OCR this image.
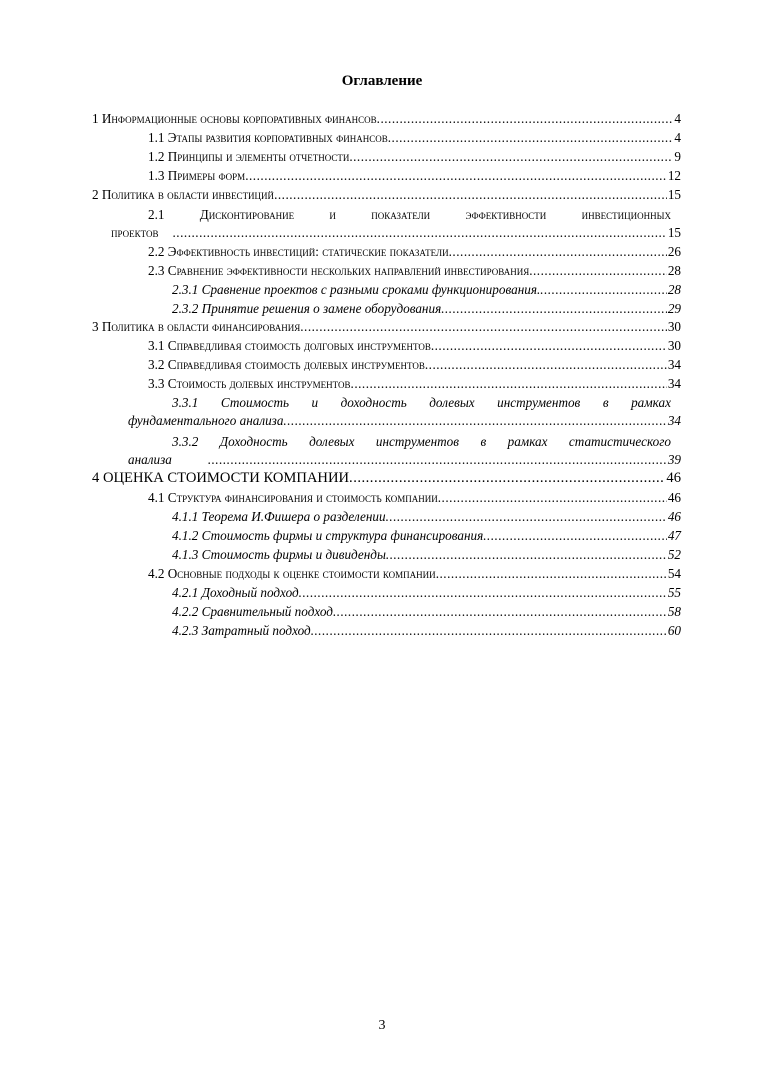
Оглавление
1 Информационные основы корпоративных финансов .....	4
1.1 Этапы развития корпоративных финансов .....	4
1.2 Принципы и элементы отчетности .....	9
1.3 Примеры форм .....	12
2 Политика в области инвестиций .....	15
2.1	Дисконтирование	и	показатели	эффективности	инвестиционных
проектов .....	15
2.2 Эффективность инвестиций: статические показатели .....	26
2.3 Сравнение эффективности нескольких направлений инвестирования .....	28
2.3.1 Сравнение проектов с разными сроками функционирования. .....	28
2.3.2 Принятие решения о замене оборудования .....	29
3 Политика в области финансирования .....	30
3.1 Справедливая стоимость долговых инструментов .....	30
3.2 Справедливая стоимость долевых инструментов .....	34
3.3 Стоимость долевых инструментов .....	34
3.3.1 Стоимость и доходность долевых инструментов в рамках
фундаментального анализа .....	34
3.3.2 Доходность долевых инструментов в рамках статистического
анализа .....	39
4 ОЦЕНКА СТОИМОСТИ КОМПАНИИ .....	46
4.1 Структура финансирования и стоимость компании .....	46
4.1.1 Теорема И.Фишера о разделении .....	46
4.1.2 Стоимость фирмы и структура финансирования .....	47
4.1.3 Стоимость фирмы и дивиденды .....	52
4.2 Основные подходы к оценке стоимости компании .....	54
4.2.1 Доходный подход .....	55
4.2.2 Сравнительный подход .....	58
4.2.3 Затратный подход .....	60
3
